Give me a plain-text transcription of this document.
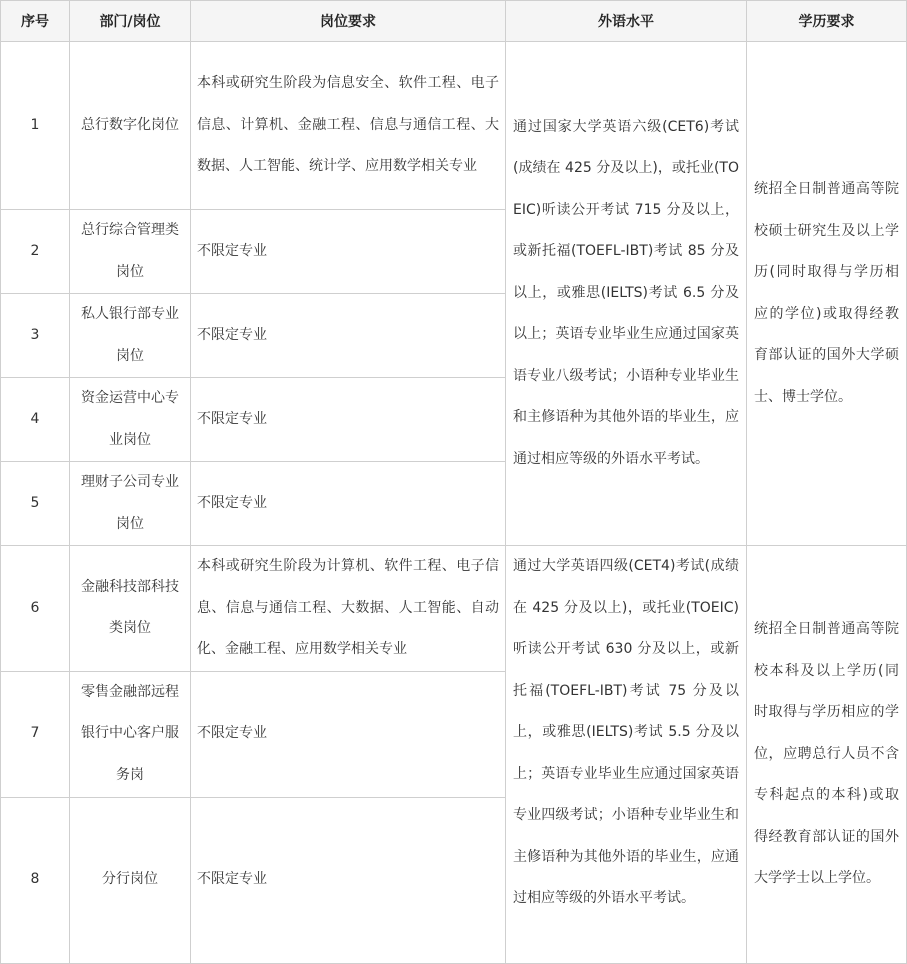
序号	部门/岗位	岗位要求	外语水平	学历要求
1	总行数字化岗位	本科或研究生阶段为信息安全、软件工程、电子信息、计算机、金融工程、信息与通信工程、大数据、人工智能、统计学、应用数学相关专业	通过国家大学英语六级(CET6)考试(成绩在 425 分及以上)，或托业(TOEIC)听读公开考试 715 分及以上，或新托福(TOEFL-IBT)考试 85 分及以上，或雅思(IELTS)考试 6.5 分及以上；英语专业毕业生应通过国家英语专业八级考试；小语种专业毕业生和主修语种为其他外语的毕业生，应通过相应等级的外语水平考试。	统招全日制普通高等院校硕士研究生及以上学历(同时取得与学历相应的学位)或取得经教育部认证的国外大学硕士、博士学位。
2	总行综合管理类岗位	不限定专业		
3	私人银行部专业岗位	不限定专业		
4	资金运营中心专业岗位	不限定专业		
5	理财子公司专业岗位	不限定专业		
6	金融科技部科技类岗位	本科或研究生阶段为计算机、软件工程、电子信息、信息与通信工程、大数据、人工智能、自动化、金融工程、应用数学相关专业	通过大学英语四级(CET4)考试(成绩在 425 分及以上)，或托业(TOEIC)听读公开考试 630 分及以上，或新托福(TOEFL-IBT)考试 75 分及以上，或雅思(IELTS)考试 5.5 分及以上；英语专业毕业生应通过国家英语专业四级考试；小语种专业毕业生和主修语种为其他外语的毕业生，应通过相应等级的外语水平考试。	统招全日制普通高等院校本科及以上学历(同时取得与学历相应的学位，应聘总行人员不含专科起点的本科)或取得经教育部认证的国外大学学士以上学位。
7	零售金融部远程银行中心客户服务岗	不限定专业		
8	分行岗位	不限定专业		
